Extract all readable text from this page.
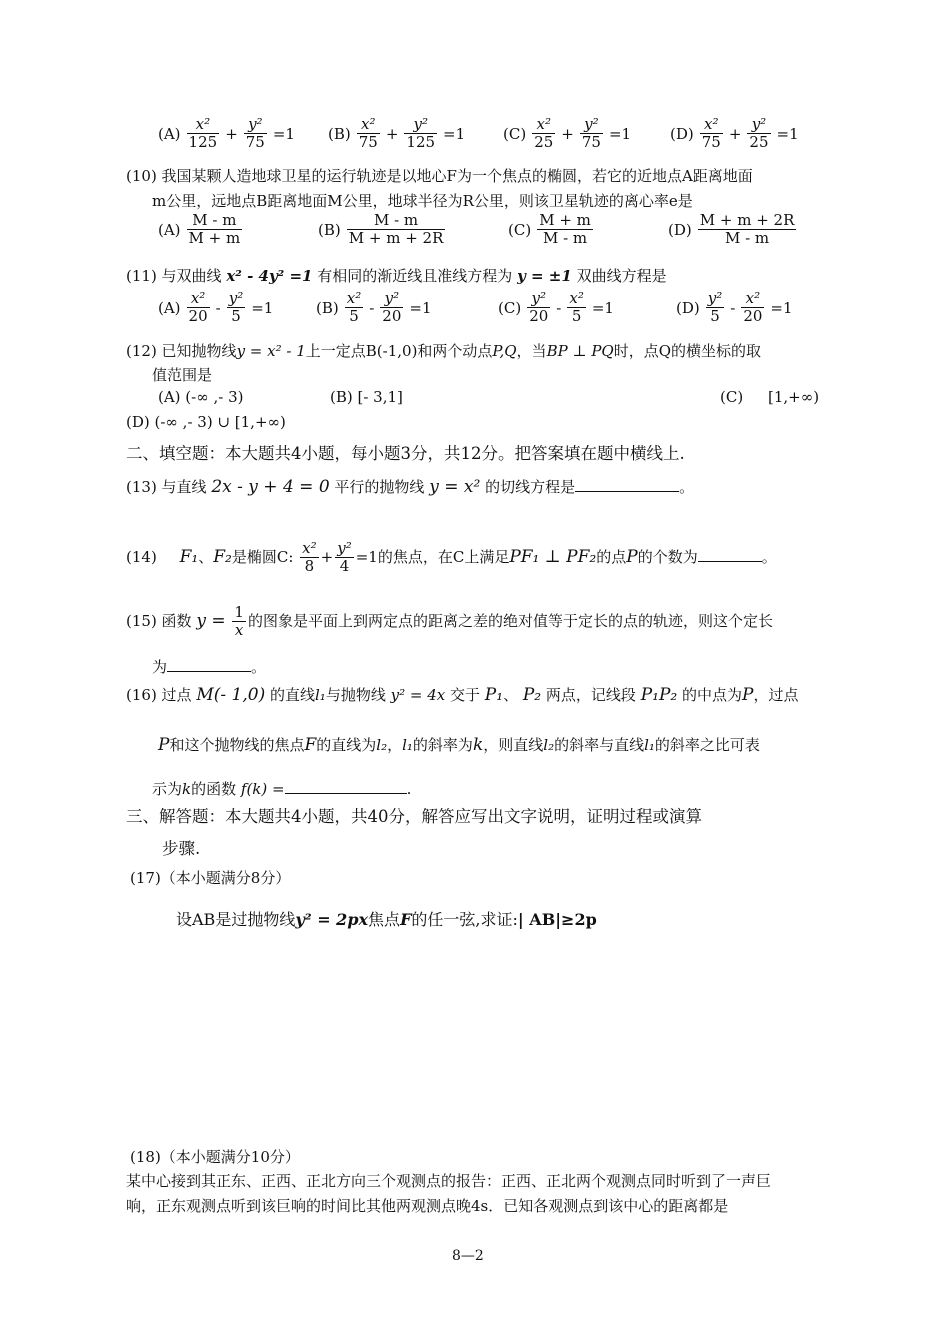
$(A) \frac{\text{x²}}{125} + \frac{\text{y²}}{75} =1$ $(B) \frac{\text{x²}}{75} + \frac{\text{y²}}{125} =1$	$(C) \frac{\text{x²}}{25} + \frac{\text{y²}}{75} =1$	$(D) \frac{\text{x²}}{75} + \frac{\text{y²}}{25} =1$
(10) 我国某颗人造地球卫星的运行轨迹是以地心F为一个焦点的椭圆，若它的近地点A距离地面
m公里，远地点B距离地面M公里，地球半径为R公里，则该卫星轨迹的离心率e是
$(A) \frac{M - m}{M + m}$	$(B) \frac{M - m}{M + m + 2R}$	$(C) \frac{M + m}{M - m}$	$(D) \frac{M + m + 2R}{M - m}$
(11) 与双曲线 x² - 4y² =1 有相同的渐近线且准线方程为 y = ±1 双曲线方程是
$(A) \frac{\text{x²}}{20} - \frac{\text{y²}}{5} =1$	$(B) \frac{\text{x²}}{5} - \frac{\text{y²}}{20} =1$	$(C) \frac{\text{y²}}{20} - \frac{\text{x²}}{5} =1$	$(D) \frac{\text{y²}}{5} - \frac{\text{x²}}{20} =1$
(12) 已知抛物线y = x² - 1上一定点B(-1,0)和两个动点P,Q，当BP ⊥ PQ时，点Q的横坐标的取
值范围是
(A) (-∞ ,- 3)	(B) [- 3,1]	(C) [1,+∞)
(D) (-∞ ,- 3) ∪ [1,+∞)
二、填空题：本大题共4小题，每小题3分，共12分。把答案填在题中横线上.
(13) 与直线 2x - y + 4 = 0 平行的抛物线 y = x² 的切线方程是	。
(14) F₁、F₂是椭圆C: $\frac{\text{x²}}{8} + \frac{\text{y²}}{4} =1$的焦点，在C上满足PF₁ ⊥ PF₂的点P的个数为	。
(15) 函数 $y = \frac{1}{x}$ 的图象是平面上到两定点的距离之差的绝对值等于定长的点的轨迹，则这个定长
为	。
(16) 过点 M(- 1,0) 的直线l₁与抛物线 y² = 4x 交于 P₁、 P₂ 两点，记线段 P₁P₂ 的中点为P，过点
P和这个抛物线的焦点F的直线为l₂，l₁的斜率为k，则直线l₂的斜率与直线l₁的斜率之比可表
示为k的函数 f(k) =	.
三、解答题：本大题共4小题，共40分，解答应写出文字说明，证明过程或演算
步骤.
(17)（本小题满分8分）
设AB是过抛物线y² = 2px焦点F的任一弦,求证:| AB|≥2p
(18)（本小题满分10分）
某中心接到其正东、正西、正北方向三个观测点的报告：正西、正北两个观测点同时听到了一声巨
响，正东观测点听到该巨响的时间比其他两观测点晚4s．已知各观测点到该中心的距离都是
8—2
